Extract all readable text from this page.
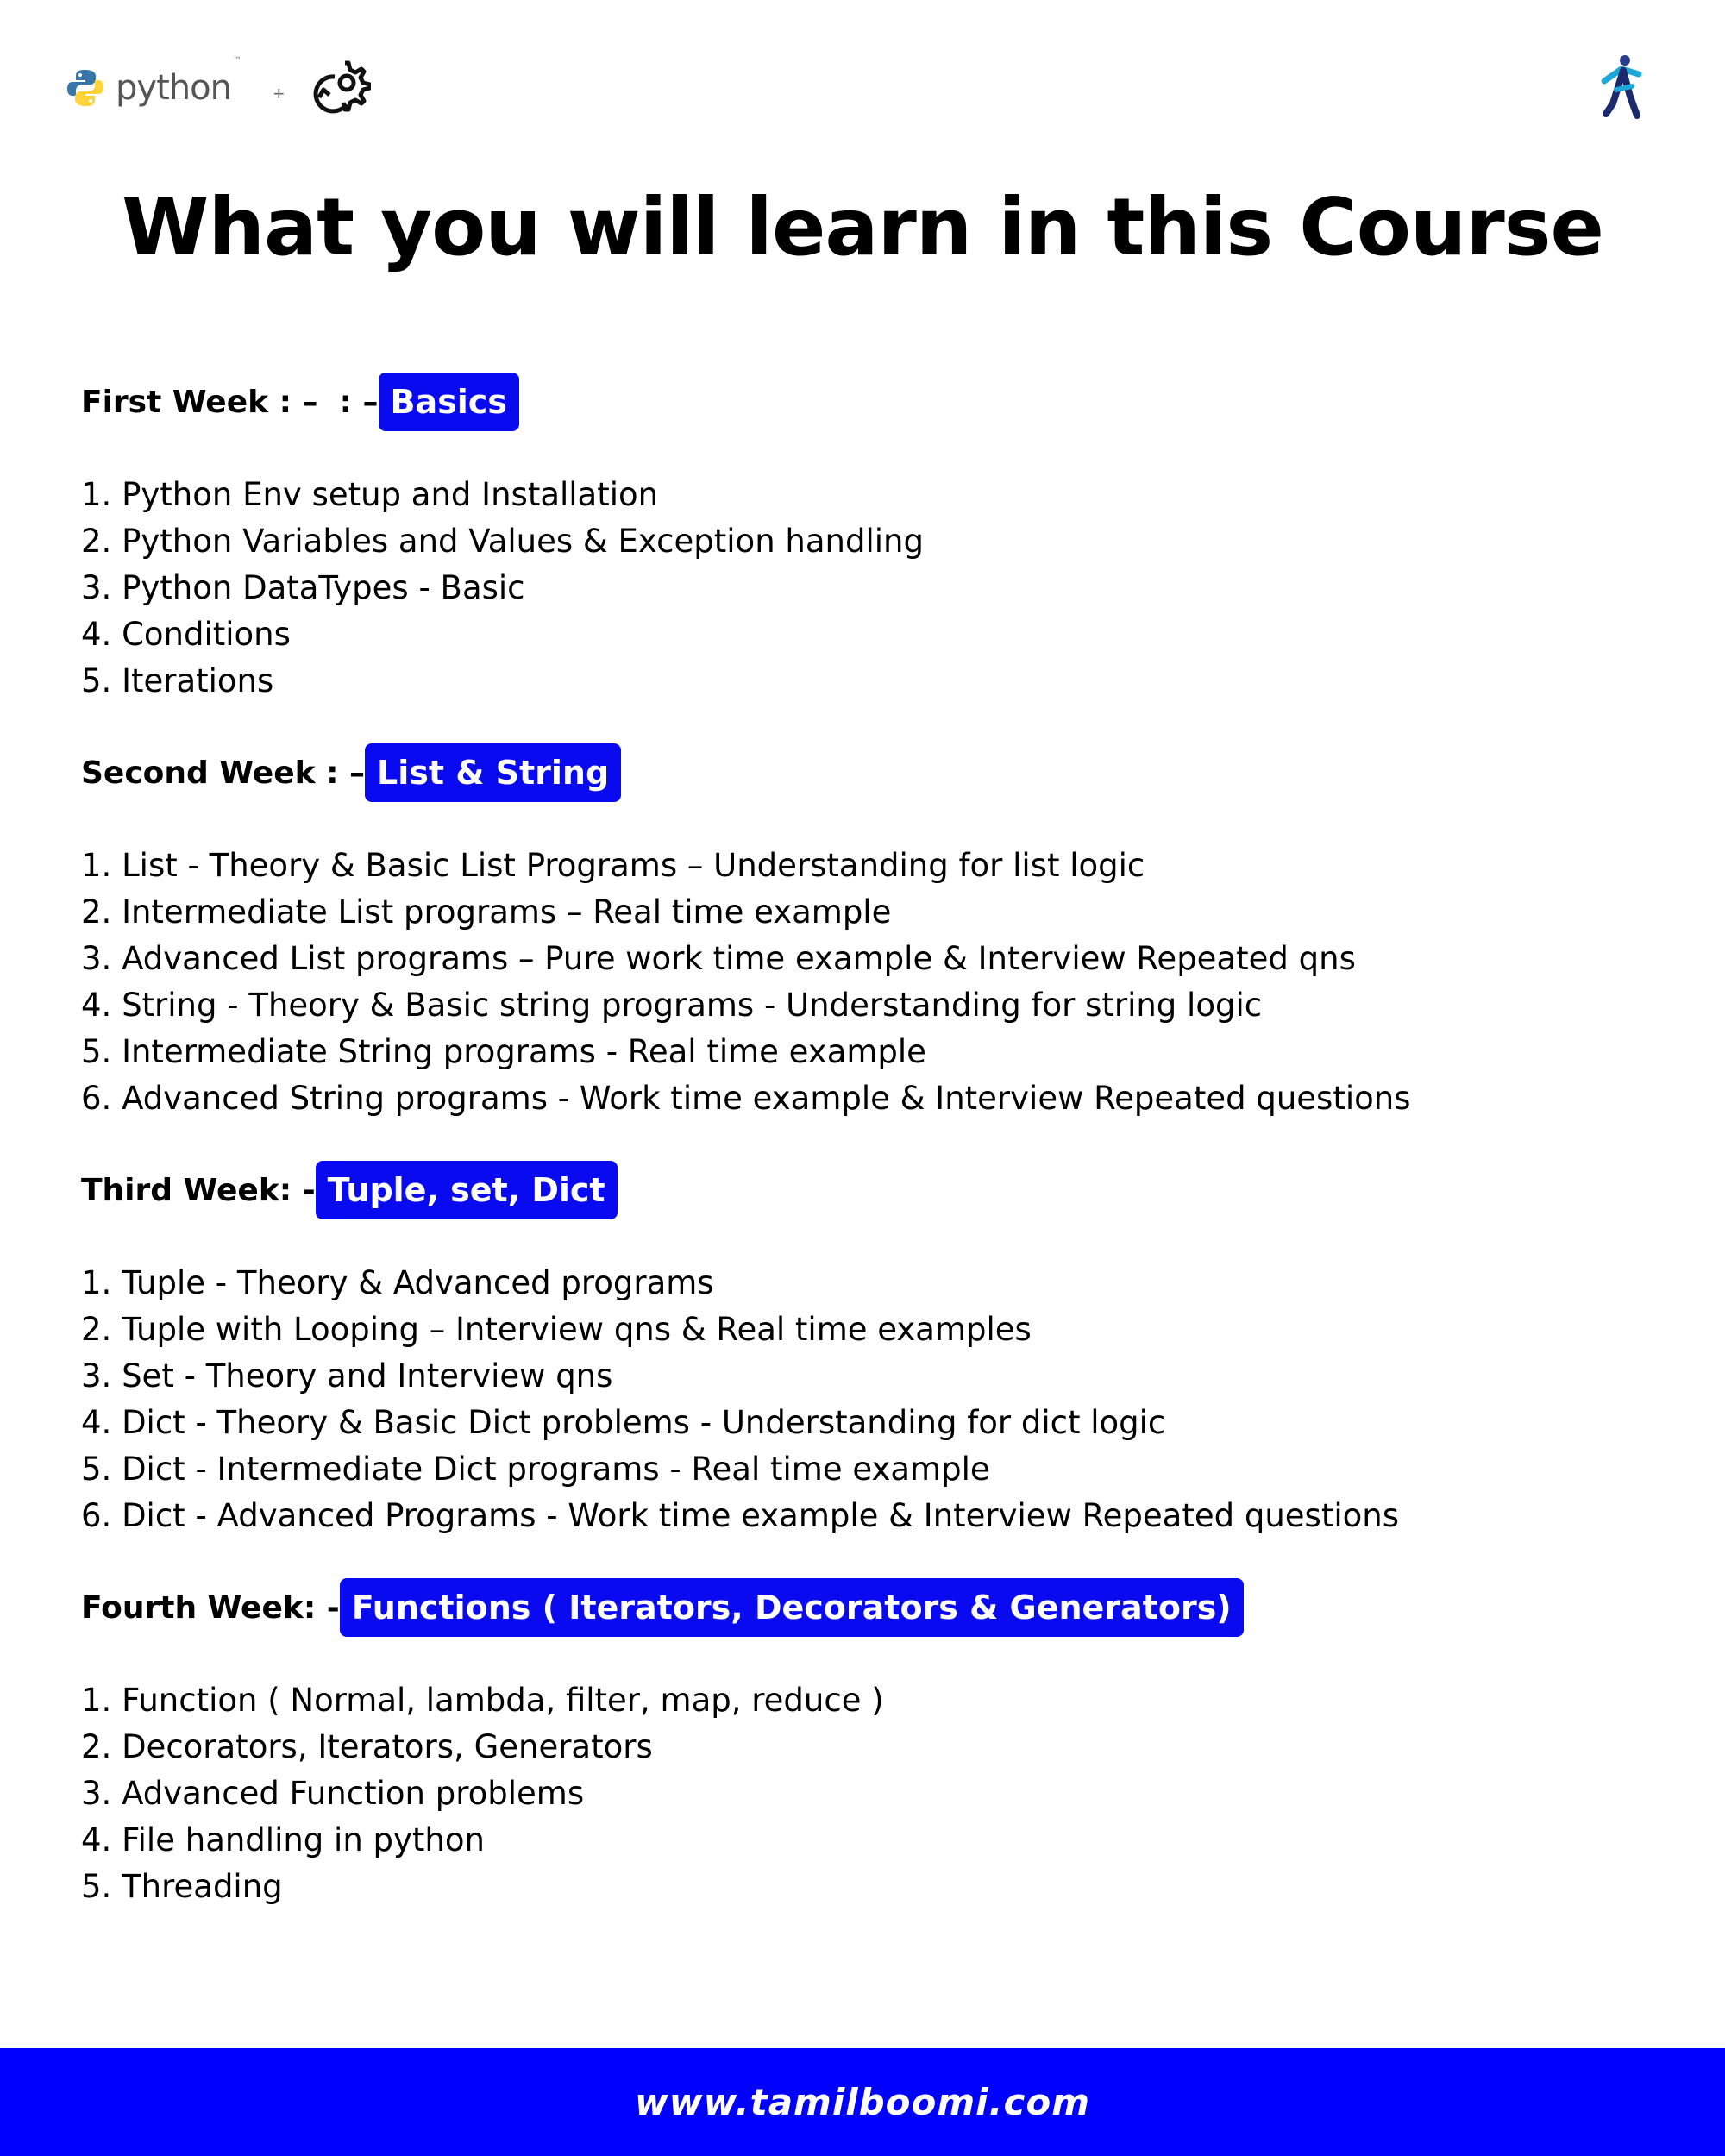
python™
+
What you will learn in this Course
First Week : –  : – Basics
1. Python Env setup and Installation
2. Python Variables and Values & Exception handling
3. Python DataTypes - Basic
4. Conditions
5. Iterations
Second Week : – List & String
1. List - Theory & Basic List Programs – Understanding for list logic
2. Intermediate List programs – Real time example
3. Advanced List programs – Pure work time example & Interview Repeated qns
4. String - Theory & Basic string programs - Understanding for string logic
5. Intermediate String programs - Real time example
6. Advanced String programs - Work time example & Interview Repeated questions
Third Week: - Tuple, set, Dict
1. Tuple - Theory & Advanced programs
2. Tuple with Looping – Interview qns & Real time examples
3. Set - Theory and Interview qns
4. Dict - Theory & Basic Dict problems - Understanding for dict logic
5. Dict - Intermediate Dict programs - Real time example
6. Dict - Advanced Programs - Work time example & Interview Repeated questions
Fourth Week: - Functions ( Iterators, Decorators & Generators)
1. Function ( Normal, lambda, filter, map, reduce )
2. Decorators, Iterators, Generators
3. Advanced Function problems
4. File handling in python
5. Threading
www.tamilboomi.com
